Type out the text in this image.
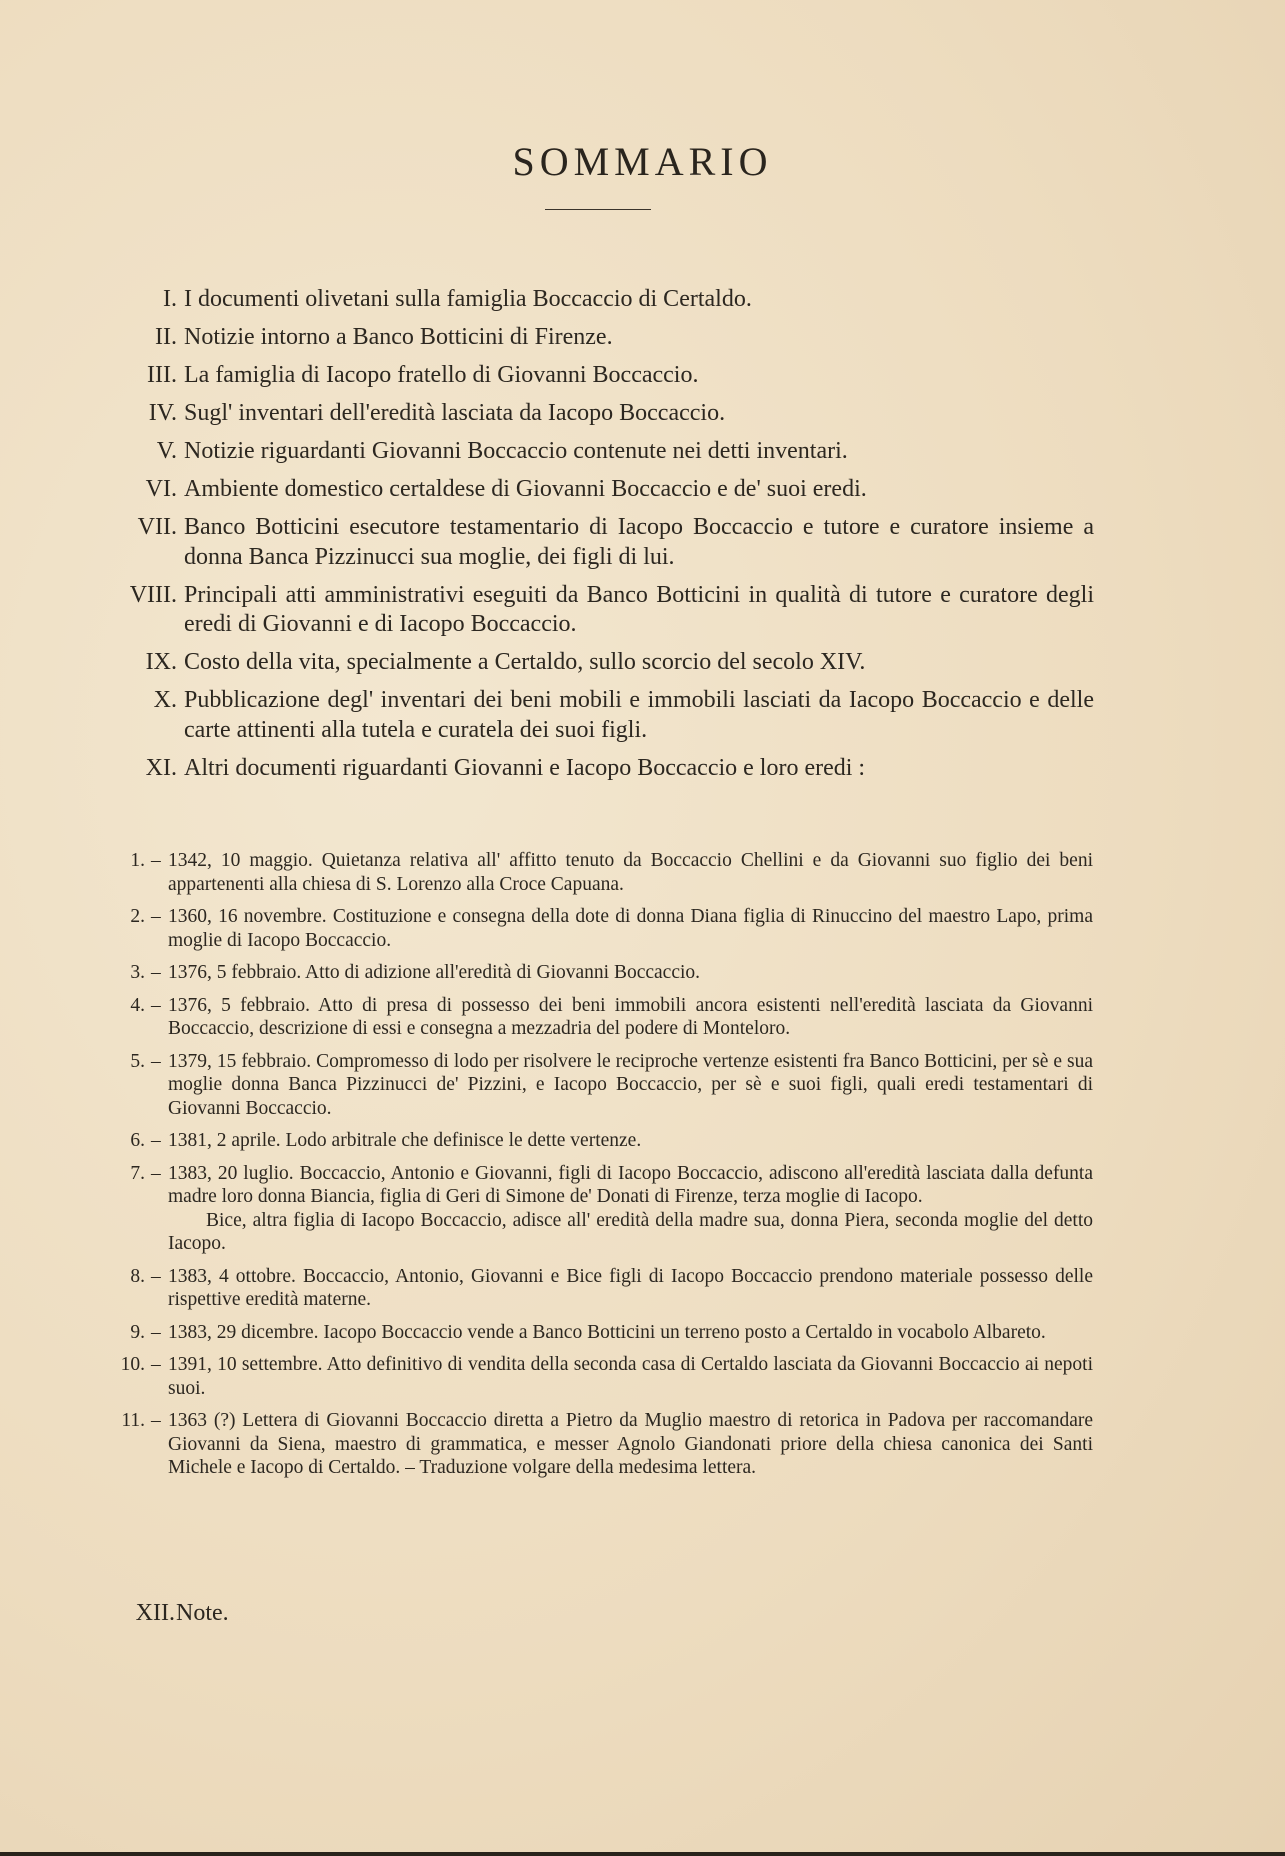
SOMMARIO
I. I documenti olivetani sulla famiglia Boccaccio di Certaldo.
II. Notizie intorno a Banco Botticini di Firenze.
III. La famiglia di Iacopo fratello di Giovanni Boccaccio.
IV. Sugl' inventari dell'eredità lasciata da Iacopo Boccaccio.
V. Notizie riguardanti Giovanni Boccaccio contenute nei detti inventari.
VI. Ambiente domestico certaldese di Giovanni Boccaccio e de' suoi eredi.
VII. Banco Botticini esecutore testamentario di Iacopo Boccaccio e tutore e curatore insieme a donna Banca Pizzinucci sua moglie, dei figli di lui.
VIII. Principali atti amministrativi eseguiti da Banco Botticini in qualità di tutore e curatore degli eredi di Giovanni e di Iacopo Boccaccio.
IX. Costo della vita, specialmente a Certaldo, sullo scorcio del secolo XIV.
X. Pubblicazione degl' inventari dei beni mobili e immobili lasciati da Iacopo Boccaccio e delle carte attinenti alla tutela e curatela dei suoi figli.
XI. Altri documenti riguardanti Giovanni e Iacopo Boccaccio e loro eredi :
1. – 1342, 10 maggio. Quietanza relativa all' affitto tenuto da Boccaccio Chellini e da Giovanni suo figlio dei beni appartenenti alla chiesa di S. Lorenzo alla Croce Capuana.
2. – 1360, 16 novembre. Costituzione e consegna della dote di donna Diana figlia di Rinuccino del maestro Lapo, prima moglie di Iacopo Boccaccio.
3. – 1376, 5 febbraio. Atto di adizione all'eredità di Giovanni Boccaccio.
4. – 1376, 5 febbraio. Atto di presa di possesso dei beni immobili ancora esistenti nell'eredità lasciata da Giovanni Boccaccio, descrizione di essi e consegna a mezzadria del podere di Monteloro.
5. – 1379, 15 febbraio. Compromesso di lodo per risolvere le reciproche vertenze esistenti fra Banco Botticini, per sè e sua moglie donna Banca Pizzinucci de' Pizzini, e Iacopo Boccaccio, per sè e suoi figli, quali eredi testamentari di Giovanni Boccaccio.
6. – 1381, 2 aprile. Lodo arbitrale che definisce le dette vertenze.
7. – 1383, 20 luglio. Boccaccio, Antonio e Giovanni, figli di Iacopo Boccaccio, adiscono all'eredità lasciata dalla defunta madre loro donna Biancia, figlia di Geri di Simone de' Donati di Firenze, terza moglie di Iacopo.
Bice, altra figlia di Iacopo Boccaccio, adisce all' eredità della madre sua, donna Piera, seconda moglie del detto Iacopo.
8. – 1383, 4 ottobre. Boccaccio, Antonio, Giovanni e Bice figli di Iacopo Boccaccio prendono materiale possesso delle rispettive eredità materne.
9. – 1383, 29 dicembre. Iacopo Boccaccio vende a Banco Botticini un terreno posto a Certaldo in vocabolo Albareto.
10. – 1391, 10 settembre. Atto definitivo di vendita della seconda casa di Certaldo lasciata da Giovanni Boccaccio ai nepoti suoi.
11. – 1363 (?) Lettera di Giovanni Boccaccio diretta a Pietro da Muglio maestro di retorica in Padova per raccomandare Giovanni da Siena, maestro di grammatica, e messer Agnolo Giandonati priore della chiesa canonica dei Santi Michele e Iacopo di Certaldo. – Traduzione volgare della medesima lettera.
XII. Note.
